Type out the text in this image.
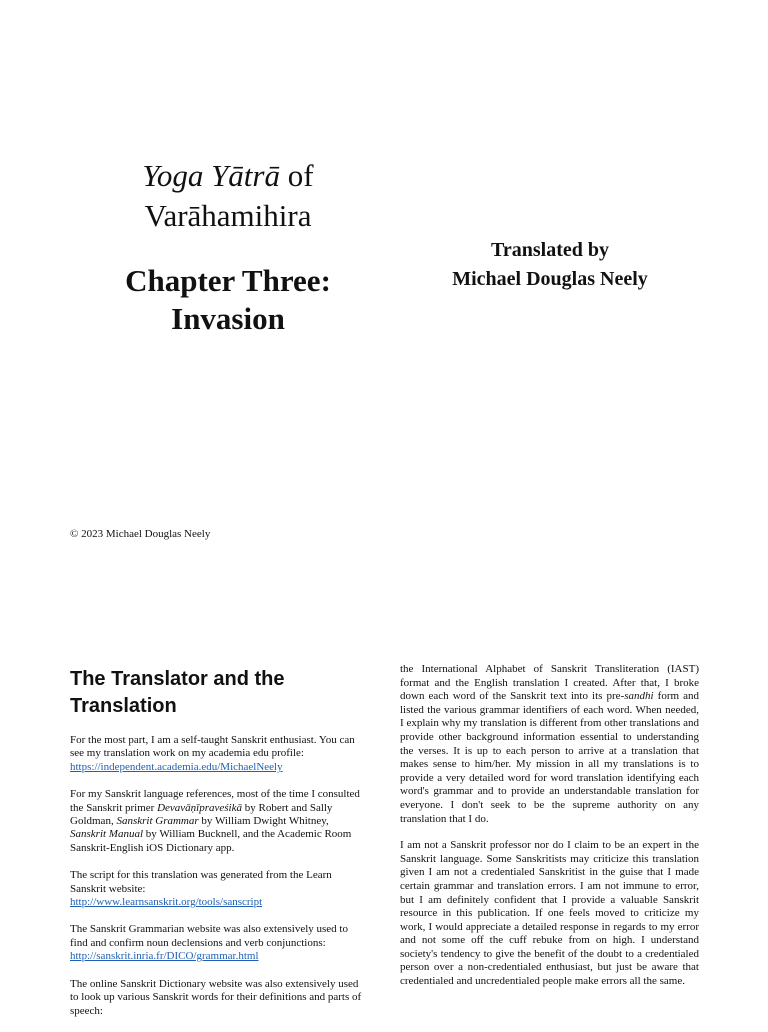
Yoga Yātrā of
Varāhamihira
Chapter Three:
Invasion
Translated by
Michael Douglas Neely
© 2023 Michael Douglas Neely
The Translator and the
Translation

For the most part, I am a self-taught Sanskrit enthusiast. You can see my translation work on my academia edu profile:
https://independent.academia.edu/MichaelNeely

For my Sanskrit language references, most of the time I consulted the Sanskrit primer Devavāṇīpraveśikā by Robert and Sally Goldman, Sanskrit Grammar by William Dwight Whitney, Sanskrit Manual by William Bucknell, and the Academic Room Sanskrit-English iOS Dictionary app.

The script for this translation was generated from the Learn Sanskrit website:
http://www.learnsanskrit.org/tools/sanscript

The Sanskrit Grammarian website was also extensively used to find and confirm noun declensions and verb conjunctions:
http://sanskrit.inria.fr/DICO/grammar.html

The online Sanskrit Dictionary website was also extensively used to look up various Sanskrit words for their definitions and parts of speech:

the International Alphabet of Sanskrit Transliteration (IAST) format and the English translation I created. After that, I broke down each word of the Sanskrit text into its pre-sandhi form and listed the various grammar identifiers of each word. When needed, I explain why my translation is different from other translations and provide other background information essential to understanding the verses. It is up to each person to arrive at a translation that makes sense to him/her. My mission in all my translations is to provide a very detailed word for word translation identifying each word's grammar and to provide an understandable translation for everyone. I don't seek to be the supreme authority on any translation that I do.

I am not a Sanskrit professor nor do I claim to be an expert in the Sanskrit language. Some Sanskritists may criticize this translation given I am not a credentialed Sanskritist in the guise that I made certain grammar and translation errors. I am not immune to error, but I am definitely confident that I provide a valuable Sanskrit resource in this publication. If one feels moved to criticize my work, I would appreciate a detailed response in regards to my error and not some off the cuff rebuke from on high. I understand society's tendency to give the benefit of the doubt to a credentialed person over a non-credentialed enthusiast, but just be aware that credentialed and uncredentialed people make errors all the same.
